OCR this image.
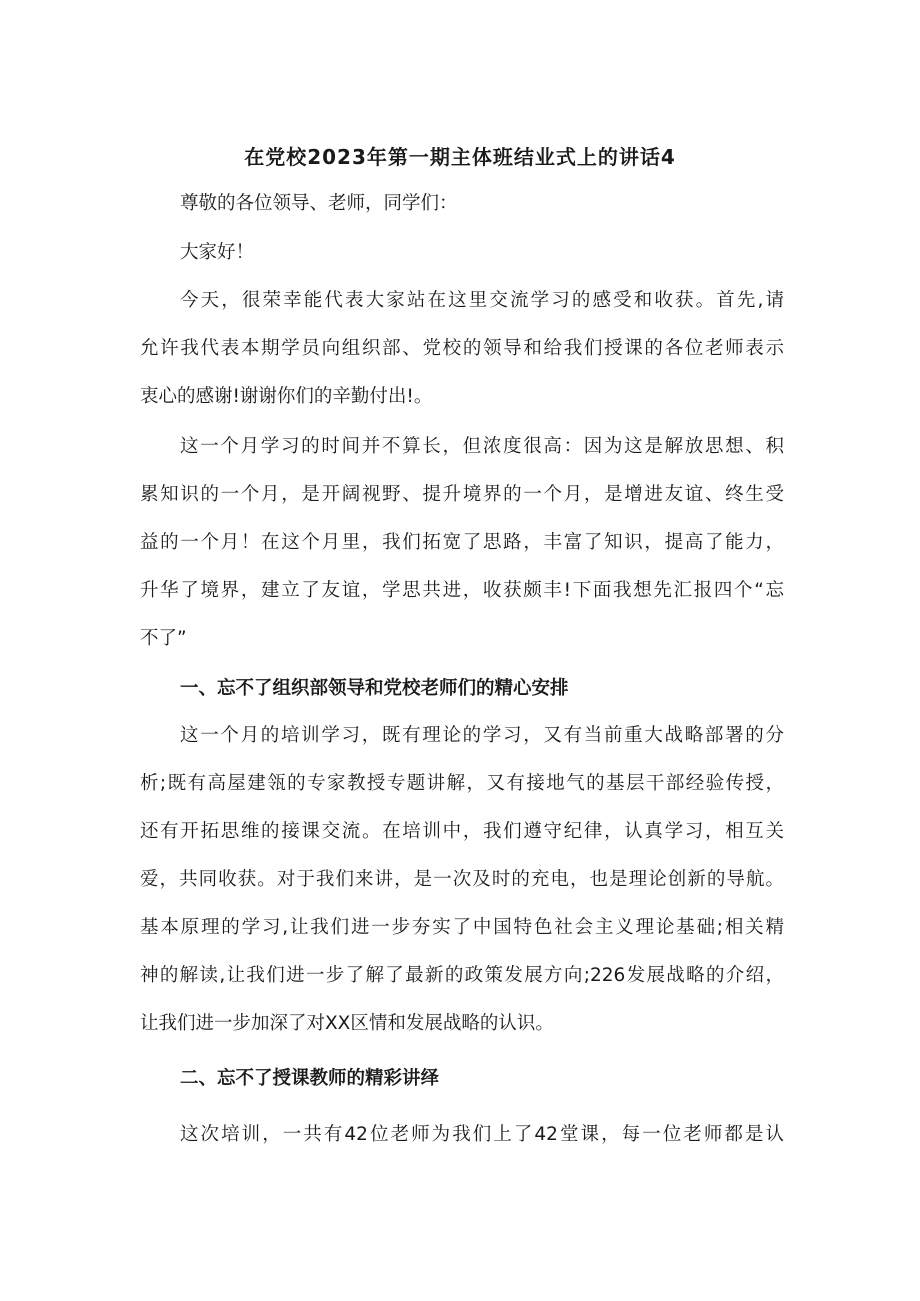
在党校2023年第一期主体班结业式上的讲话4
尊敬的各位领导、老师，同学们：
大家好！
今天，很荣幸能代表大家站在这里交流学习的感受和收获。首先,请
允许我代表本期学员向组织部、党校的领导和给我们授课的各位老师表示
衷心的感谢!谢谢你们的辛勤付出!。
这一个月学习的时间并不算长，但浓度很高：因为这是解放思想、积
累知识的一个月，是开阔视野、提升境界的一个月，是增进友谊、终生受
益的一个月！在这个月里，我们拓宽了思路，丰富了知识，提高了能力，
升华了境界，建立了友谊，学思共进，收获颇丰!下面我想先汇报四个“忘
不了”
一、忘不了组织部领导和党校老师们的精心安排
这一个月的培训学习，既有理论的学习，又有当前重大战略部署的分
析;既有高屋建瓴的专家教授专题讲解，又有接地气的基层干部经验传授，
还有开拓思维的接课交流。在培训中，我们遵守纪律，认真学习，相互关
爱，共同收获。对于我们来讲，是一次及时的充电，也是理论创新的导航。
基本原理的学习,让我们进一步夯实了中国特色社会主义理论基础;相关精
神的解读,让我们进一步了解了最新的政策发展方向;226发展战略的介绍，
让我们进一步加深了对XX区情和发展战略的认识。
二、忘不了授课教师的精彩讲绎
这次培训，一共有42位老师为我们上了42堂课，每一位老师都是认
